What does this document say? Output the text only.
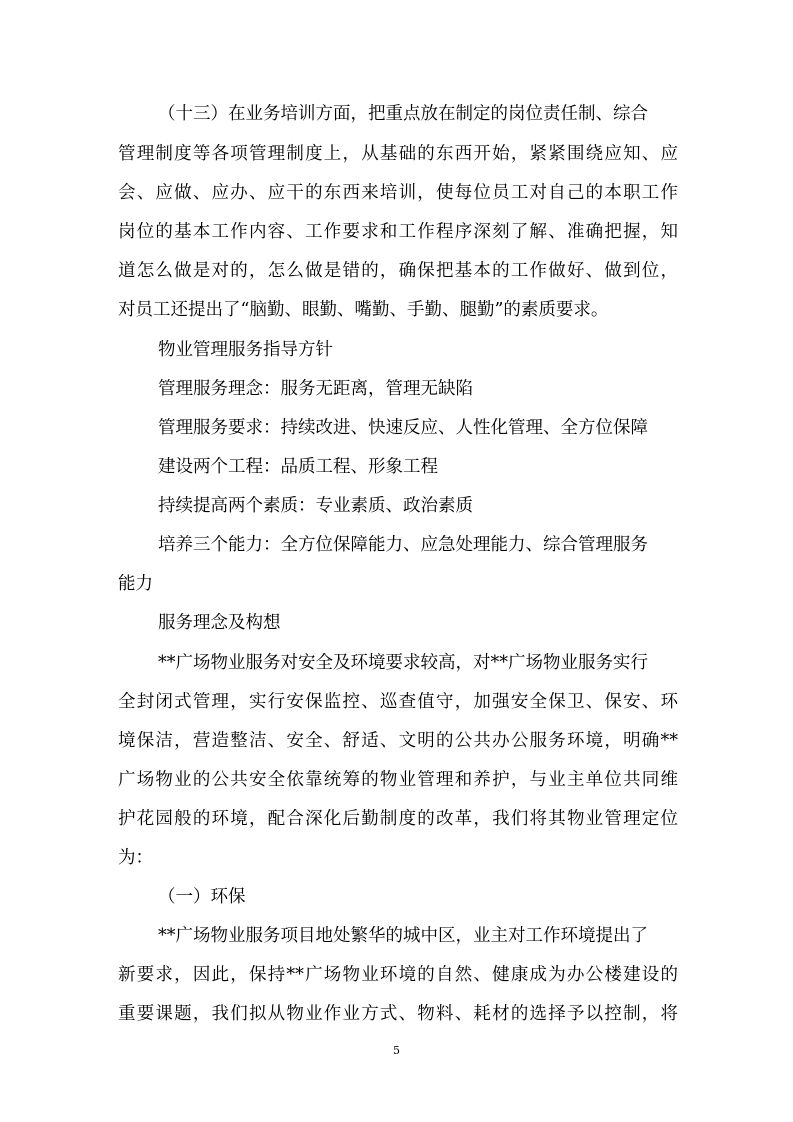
（十三）在业务培训方面，把重点放在制定的岗位责任制、综合
管理制度等各项管理制度上，从基础的东西开始，紧紧围绕应知、应
会、应做、应办、应干的东西来培训，使每位员工对自己的本职工作
岗位的基本工作内容、工作要求和工作程序深刻了解、准确把握，知
道怎么做是对的，怎么做是错的，确保把基本的工作做好、做到位，
对员工还提出了“脑勤、眼勤、嘴勤、手勤、腿勤”的素质要求。
物业管理服务指导方针
管理服务理念：服务无距离，管理无缺陷
管理服务要求：持续改进、快速反应、人性化管理、全方位保障
建设两个工程：品质工程、形象工程
持续提高两个素质：专业素质、政治素质
培养三个能力：全方位保障能力、应急处理能力、综合管理服务
能力
服务理念及构想
**广场物业服务对安全及环境要求较高，对**广场物业服务实行
全封闭式管理，实行安保监控、巡查值守，加强安全保卫、保安、环
境保洁，营造整洁、安全、舒适、文明的公共办公服务环境，明确**
广场物业的公共安全依靠统筹的物业管理和养护，与业主单位共同维
护花园般的环境，配合深化后勤制度的改革，我们将其物业管理定位
为：
（一）环保
**广场物业服务项目地处繁华的城中区，业主对工作环境提出了
新要求，因此，保持**广场物业环境的自然、健康成为办公楼建设的
重要课题，我们拟从物业作业方式、物料、耗材的选择予以控制，将
5
